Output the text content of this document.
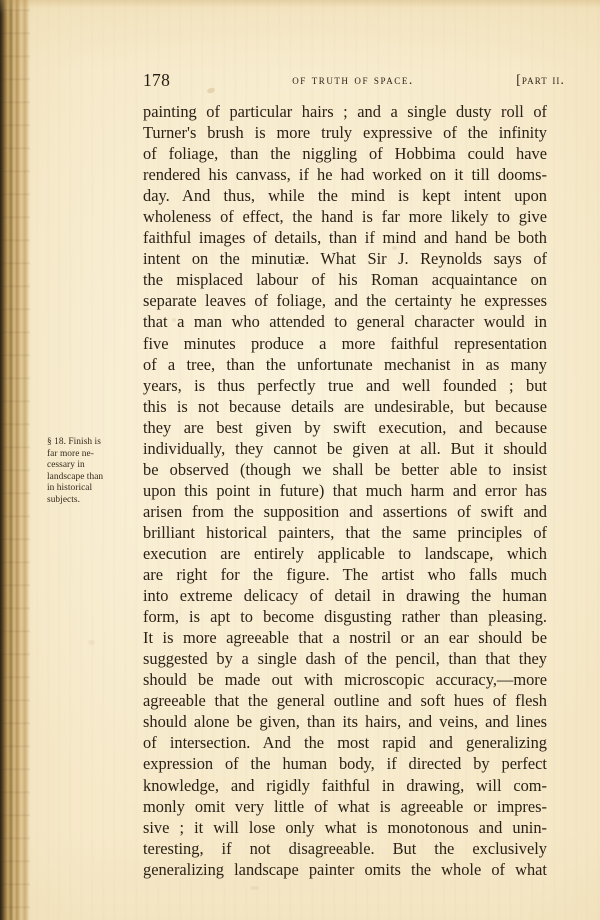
178	of truth of space.	[part ii.
§ 18. Finish is
far more ne-
cessary in
landscape than
in historical
subjects.
painting of particular hairs ; and a single dusty roll of
Turner's brush is more truly expressive of the infinity
of foliage, than the niggling of Hobbima could have
rendered his canvass, if he had worked on it till dooms-
day. And thus, while the mind is kept intent upon
wholeness of effect, the hand is far more likely to give
faithful images of details, than if mind and hand be both
intent on the minutiæ. What Sir J. Reynolds says of
the misplaced labour of his Roman acquaintance on
separate leaves of foliage, and the certainty he expresses
that a man who attended to general character would in
five minutes produce a more faithful representation
of a tree, than the unfortunate mechanist in as many
years, is thus perfectly true and well founded ; but
this is not because details are undesirable, but because
they are best given by swift execution, and because
individually, they cannot be given at all. But it should
be observed (though we shall be better able to insist
upon this point in future) that much harm and error has
arisen from the supposition and assertions of swift and
brilliant historical painters, that the same principles of
execution are entirely applicable to landscape, which
are right for the figure. The artist who falls much
into extreme delicacy of detail in drawing the human
form, is apt to become disgusting rather than pleasing.
It is more agreeable that a nostril or an ear should be
suggested by a single dash of the pencil, than that they
should be made out with microscopic accuracy,—more
agreeable that the general outline and soft hues of flesh
should alone be given, than its hairs, and veins, and lines
of intersection. And the most rapid and generalizing
expression of the human body, if directed by perfect
knowledge, and rigidly faithful in drawing, will com-
monly omit very little of what is agreeable or impres-
sive ; it will lose only what is monotonous and unin-
teresting, if not disagreeable. But the exclusively
generalizing landscape painter omits the whole of what
